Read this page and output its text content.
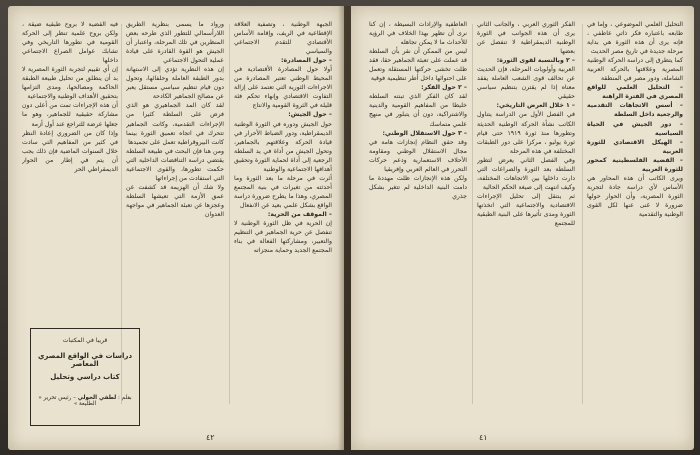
الجبهة الوطنية ، وتصفية العلاقة الإقطاعية في الريف، وإقامة الأساس الأقتصادي للتقدم الاجتماعي والسياسي

– حول المصادرة:

أولا حول المصادرة الأقتصادية في المحيط الوطني تعتبر المصادرة من الاجراءات الثورية التي تعتمد على إزالة التفاوت الاقتصادي وإنهاء تحكم فئة قليلة في الثروة القومية والانتاج

– حول الجيش:

حول الجيش ودوره في الثورة الوطنية الديمقراطية، ودور الضباط الأحرار في قيادة الحركة وعلاقتهم بالجماهير، وتحول الجيش من أداة في يد السلطة الرجعية إلى أداة لحماية الثورة وتحقيق أهدافها الاجتماعية والوطنية

أثرت في مرحلة ما بعد الثورة وما أحدثته من تغيرات في بنية المجتمع المصري، وهذا ما يطرح ضرورة دراسة الواقع بشكل علمي بعيد عن الانفعال

– الموقف من الحرية:

إن الحرية في ظل الثورة الوطنية لا تنفصل عن حرية الجماهير في التنظيم والتعبير، ومشاركتها الفعالة في بناء المجتمع الجديد وحماية منجزاته

ورواد ما يسمى بنظرية الطريق اللارأسمالي للتطور الذي طرحه بعض المنظرين في تلك المرحلة، واعتبار أن الجيش هو القوة القادرة على قيادة عملية التحول الاجتماعي

إن هذه النظرية تؤدي إلى الاستهانة بدور الطبقة العاملة وحلفائها، وتحول دون قيام تنظيم سياسي مستقل يعبر عن مصالح الجماهير الكادحة

لقد كان المد الجماهيري هو الذي فرض على السلطة كثيرا من الإجراءات التقدمية، وكانت الجماهير تتحرك في اتجاه تعميق الثورة بينما كانت البيروقراطية تعمل على تجميدها

ومن هنا فإن البحث في طبيعة السلطة يقتضي دراسة التناقضات الداخلية التي حكمت تطورها، والقوى الاجتماعية التي استفادت من إجراءاتها

ولا شك أن الهزيمة قد كشفت عن عمق الأزمة التي تعيشها السلطة وعجزها عن تعبئة الجماهير في مواجهة العدوان

فيه القضية لا بروح طبقية ضيقة ، ولكن بروح علمية تنظر إلى الحركة القومية في تطورها التاريخي وفي تشابك عوامل الصراع الاجتماعي داخلها

إن أي تقييم لتجربة الثورة المصرية لا بد أن ينطلق من تحليل طبيعة الطبقة الحاكمة ومصالحها، ومدى التزامها بتحقيق الأهداف الوطنية والاجتماعية

أن هذه الإجراءات تمت من أعلى دون مشاركة حقيقية للجماهير، وهو ما جعلها عرضة للتراجع عند أول أزمة

وإذا كان من الضروري إعادة النظر في كثير من المفاهيم التي سادت خلال السنوات الماضية فإن ذلك يجب أن يتم في إطار من الحوار الديمقراطي الحر

قريبا في المكتبات
دراسات في الواقع المصري المعاصر
كتاب دراسي وتحليل
بقلم : لطفي الخولي – رئيس تحرير « الطليعة »
٤٢

التحليل العلمي الموضوعي ، وإما في طابعه باعتباره فكر ذاتي عاطفي ، فإنه يرى أن هذه الثورة هي بداية مرحلة جديدة في تاريخ مصر الحديث

كما يتطرق إلى دراسة الحركة الوطنية المصرية وعلاقتها بالحركة العربية الشاملة، ودور مصر في المنطقة

– التحليل العلمي للواقع المصري في الفترة الراهنة

– أسس الاتجاهات التقدمية والرجعية داخل السلطة

– دور الجيش في الحياة السياسية

– الهيكل الاقتصادي للثورة العربية

– القضية الفلسطينية كمحور للثورة العربية

ويرى الكاتب أن هذه المحاور هي الأساس لأي دراسة جادة لتجربة الثورة المصرية، وأن الحوار حولها ضرورة لا غنى عنها لكل القوى الوطنية والتقدمية

الفكر الثوري العربي ، والجانب الثاني يرى أن هذه الجوانب في الثورة الوطنية الديمقراطية لا تنفصل عن بعضها

– ٢ وبالنسبة لقوى الثورة:

العربية وأولويات المرحلة، فإن الحديث عن تحالف قوى الشعب العاملة يفقد معناه إذا لم يقترن بتنظيم سياسي حقيقي

– ١ خلال العرض التاريخي:

في الفصل الأول من الدراسة يتناول الكاتب نشأة الحركة الوطنية الحديثة وتطورها منذ ثورة ١٩١٩ حتى قيام ثورة يوليو ، مركزا على دور الطبقات المختلفة في هذه المرحلة

وفي الفصل الثاني يعرض لتطور السلطة بعد الثورة والصراعات التي دارت داخلها بين الاتجاهات المختلفة، وكيف انتهت إلى صيغة الحكم الحالية

ثم ينتقل إلى تحليل الإجراءات الاقتصادية والاجتماعية التي اتخذتها الثورة ومدى تأثيرها على البنية الطبقية للمجتمع

العاطفية والإرادات البسيطة ، إن كنا نرى أن تظهر بهذا الخلاف في الرؤية للأحداث ما لا يمكن تجاهله

ليس من الممكن أن نقر بأن السلطة قد عملت على تعبئة الجماهير حقا، فقد ظلت تخشى حركتها المستقلة وتعمل على احتوائها داخل أطر تنظيمية فوقية

– ٢ حول الفكر:

لقد كان الفكر الذي تبنته السلطة خليطا من المفاهيم القومية والدينية والاشتراكية، دون أن يتبلور في منهج علمي متماسك

– ٣ حول الاستقلال الوطني:

وقد حقق النظام إنجازات هامة في مجال الاستقلال الوطني ومقاومة الأحلاف الاستعمارية ودعم حركات التحرر في العالم العربي وإفريقيا

ولكن هذه الإنجازات ظلت مهددة ما دامت البنية الداخلية لم تتغير بشكل جذري

٤١
